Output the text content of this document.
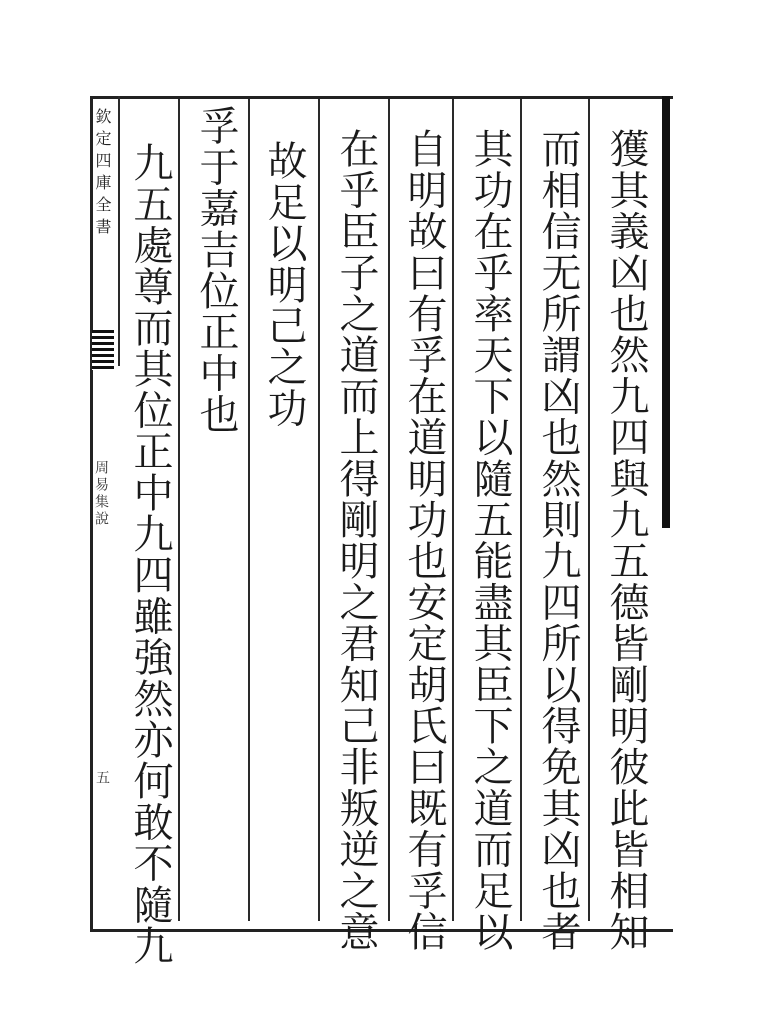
欽定四庫全書
周易集說
五	獲其義凶也然九四與九五德皆剛明彼此皆相知
而相信无所謂凶也然則九四所以得免其凶也者
其功在乎率天下以隨五能盡其臣下之道而足以
自明故曰有孚在道明功也安定胡氏曰既有孚信
在乎臣子之道而上得剛明之君知己非叛逆之意
故足以明己之功
孚于嘉吉位正中也
九五處尊而其位正中九四雖強然亦何敢不隨九
